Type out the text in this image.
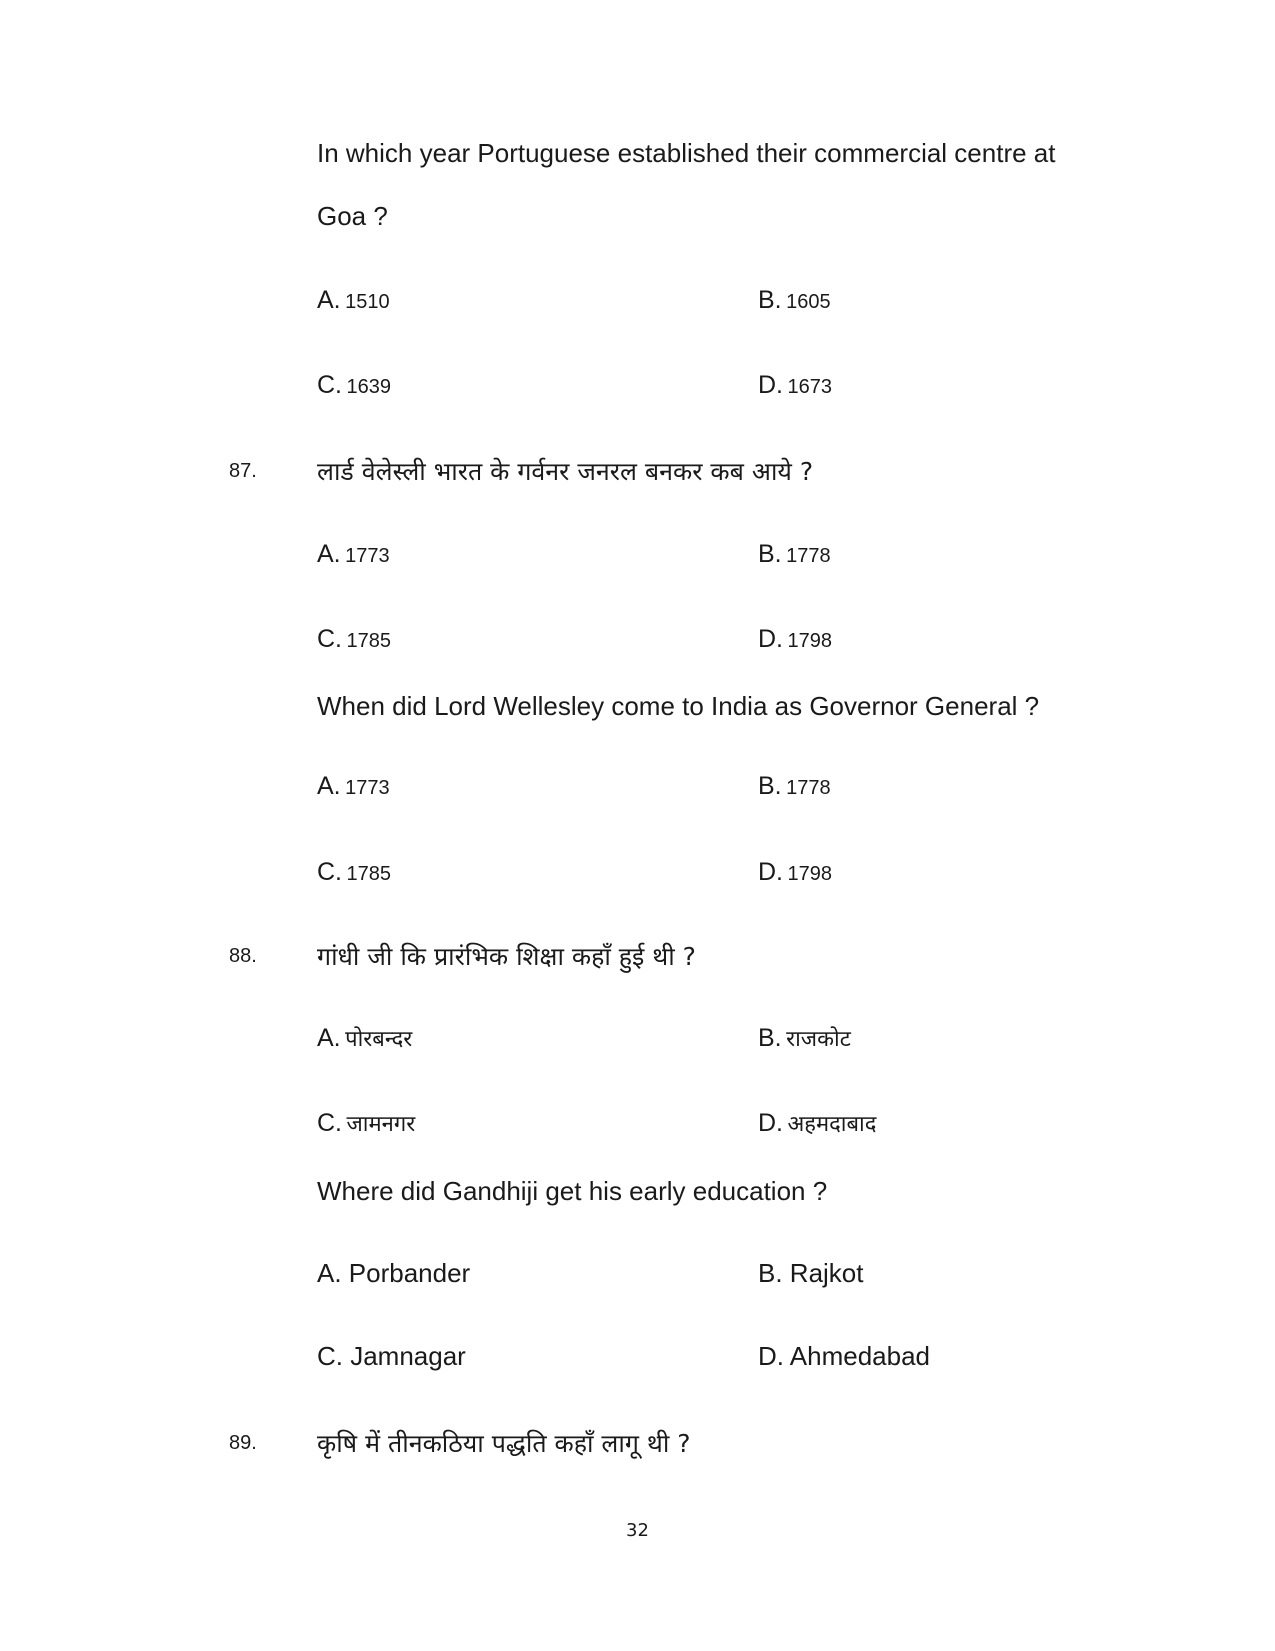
In which year Portuguese established their commercial centre at
Goa ?
A. 1510	B. 1605
C. 1639	D. 1673
87. लार्ड वेलेस्ली भारत के गर्वनर जनरल बनकर कब आये ?
A. 1773	B. 1778
C. 1785	D. 1798
When did Lord Wellesley come to India as Governor General ?
A. 1773	B. 1778
C. 1785	D. 1798
88. गांधी जी कि प्रारंभिक शिक्षा कहाँ हुई थी ?
A. पोरबन्दर	B. राजकोट
C. जामनगर	D. अहमदाबाद
Where did Gandhiji get his early education ?
A. Porbander	B. Rajkot
C. Jamnagar	D. Ahmedabad
89. कृषि में तीनकठिया पद्धति कहाँ लागू थी ?
32
